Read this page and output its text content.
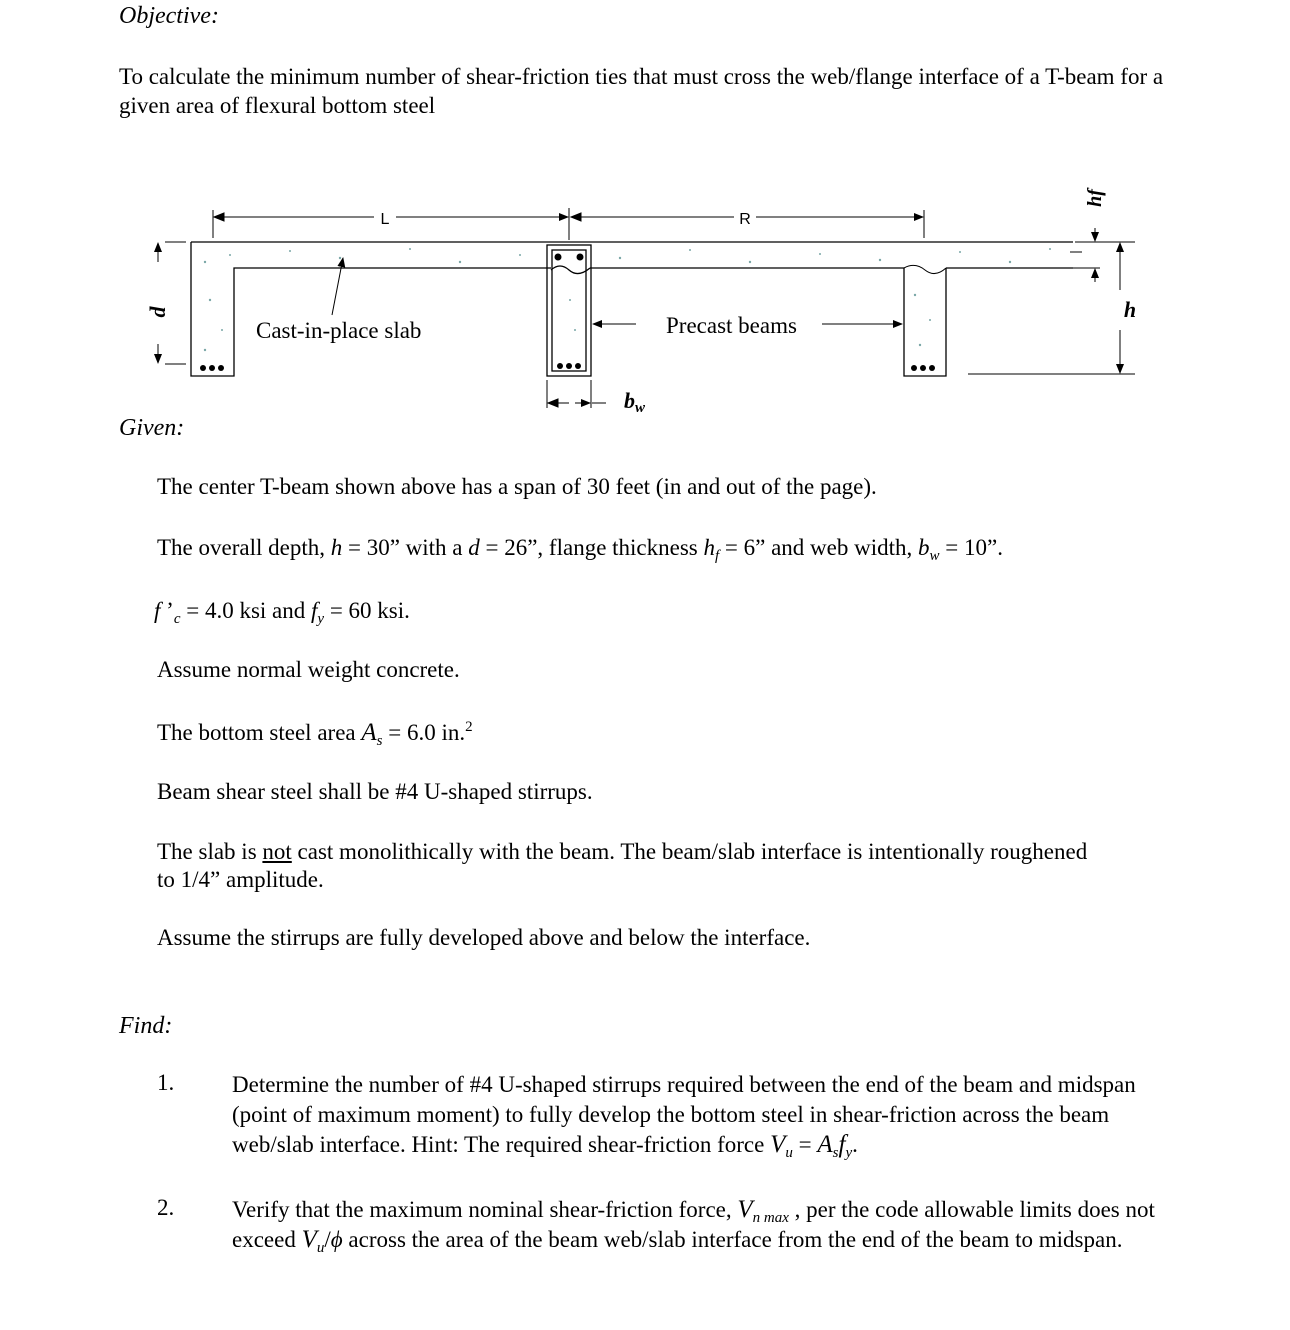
Objective:
To calculate the minimum number of shear-friction ties that must cross the web/flange interface of a T-beam for a given area of flexural bottom steel
L	R
d
hf
h
bw
Cast-in-place slab	Precast beams
Given:
The center T-beam shown above has a span of 30 feet (in and out of the page).
The overall depth, h = 30” with a d = 26”, flange thickness $h_f = 6$” and web width, $b_w = 10$”.
f $’_c = 4.0$ ksi and $f_y = 60$ ksi.
Assume normal weight concrete.
The bottom steel area $A_s = 6.0$ in.$^2$
Beam shear steel shall be #4 U-shaped stirrups.
The slab is not cast monolithically with the beam. The beam/slab interface is intentionally roughened to 1/4” amplitude.
Assume the stirrups are fully developed above and below the interface.
Find:
1.	Determine the number of #4 U-shaped stirrups required between the end of the beam and midspan (point of maximum moment) to fully develop the bottom steel in shear-friction across the beam web/slab interface. Hint: The required shear-friction force $V_u = A_sf_y$.
2.	Verify that the maximum nominal shear-friction force, $V_{n max}$ , per the code allowable limits does not exceed $V_u/\phi$ across the area of the beam web/slab interface from the end of the beam to midspan.
